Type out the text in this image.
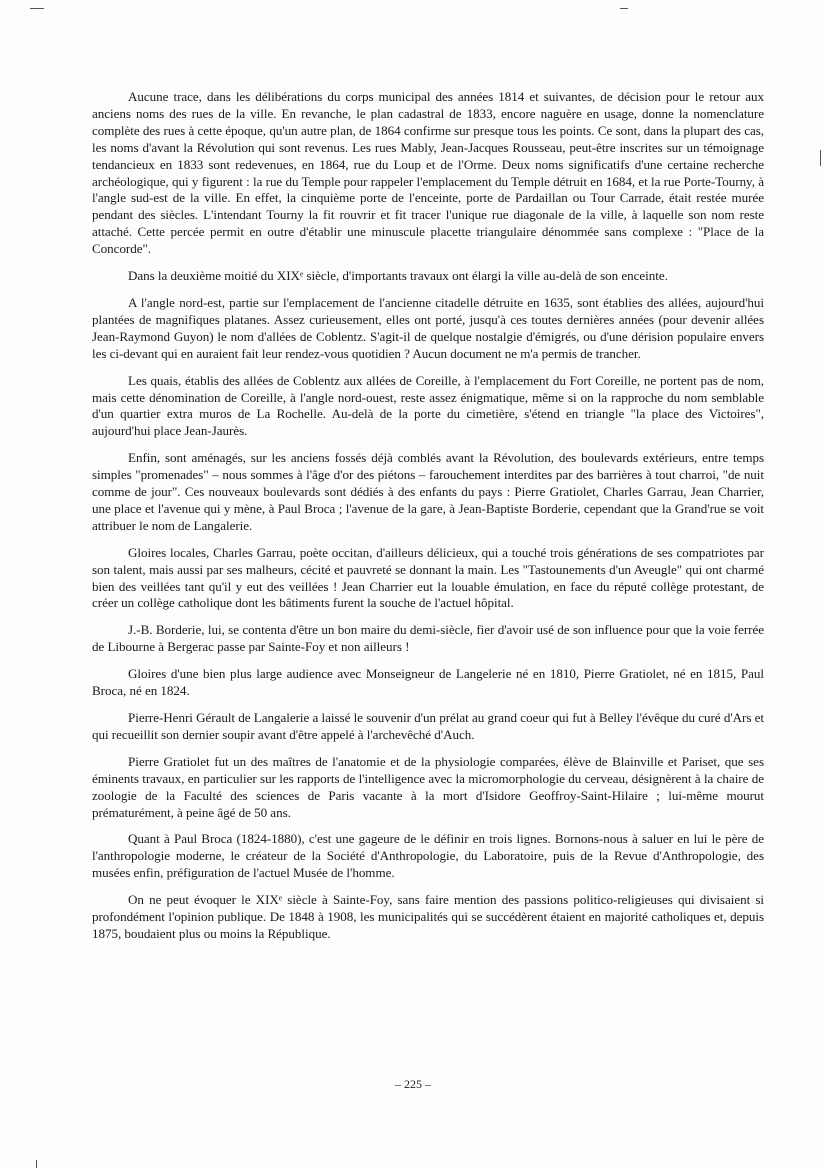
Aucune trace, dans les délibérations du corps municipal des années 1814 et suivantes, de décision pour le retour aux anciens noms des rues de la ville. En revanche, le plan cadastral de 1833, encore naguère en usage, donne la nomenclature complète des rues à cette époque, qu'un autre plan, de 1864 confirme sur presque tous les points. Ce sont, dans la plupart des cas, les noms d'avant la Révolution qui sont revenus. Les rues Mably, Jean-Jacques Rousseau, peut-être inscrites sur un témoignage tendancieux en 1833 sont redevenues, en 1864, rue du Loup et de l'Orme. Deux noms significatifs d'une certaine recherche archéologique, qui y figurent : la rue du Temple pour rappeler l'emplacement du Temple détruit en 1684, et la rue Porte-Tourny, à l'angle sud-est de la ville. En effet, la cinquième porte de l'enceinte, porte de Pardaillan ou Tour Carrade, était restée murée pendant des siècles. L'intendant Tourny la fit rouvrir et fit tracer l'unique rue diagonale de la ville, à laquelle son nom reste attaché. Cette percée permit en outre d'établir une minuscule placette triangulaire dénommée sans complexe : "Place de la Concorde".

Dans la deuxième moitié du XIXᵉ siècle, d'importants travaux ont élargi la ville au-delà de son enceinte.

A l'angle nord-est, partie sur l'emplacement de l'ancienne citadelle détruite en 1635, sont établies des allées, aujourd'hui plantées de magnifiques platanes. Assez curieusement, elles ont porté, jusqu'à ces toutes dernières années (pour devenir allées Jean-Raymond Guyon) le nom d'allées de Coblentz. S'agit-il de quelque nostalgie d'émigrés, ou d'une dérision populaire envers les ci-devant qui en auraient fait leur rendez-vous quotidien ? Aucun document ne m'a permis de trancher.

Les quais, établis des allées de Coblentz aux allées de Coreille, à l'emplacement du Fort Coreille, ne portent pas de nom, mais cette dénomination de Coreille, à l'angle nord-ouest, reste assez énigmatique, même si on la rapproche du nom semblable d'un quartier extra muros de La Rochelle. Au-delà de la porte du cimetière, s'étend en triangle "la place des Victoires", aujourd'hui place Jean-Jaurès.

Enfin, sont aménagés, sur les anciens fossés déjà comblés avant la Révolution, des boulevards extérieurs, entre temps simples "promenades" – nous sommes à l'âge d'or des piétons – farouchement interdites par des barrières à tout charroi, "de nuit comme de jour". Ces nouveaux boulevards sont dédiés à des enfants du pays : Pierre Gratiolet, Charles Garrau, Jean Charrier, une place et l'avenue qui y mène, à Paul Broca ; l'avenue de la gare, à Jean-Baptiste Borderie, cependant que la Grand'rue se voit attribuer le nom de Langalerie.

Gloires locales, Charles Garrau, poète occitan, d'ailleurs délicieux, qui a touché trois générations de ses compatriotes par son talent, mais aussi par ses malheurs, cécité et pauvreté se donnant la main. Les "Tastounements d'un Aveugle" qui ont charmé bien des veillées tant qu'il y eut des veillées ! Jean Charrier eut la louable émulation, en face du réputé collège protestant, de créer un collège catholique dont les bâtiments furent la souche de l'actuel hôpital.

J.-B. Borderie, lui, se contenta d'être un bon maire du demi-siècle, fier d'avoir usé de son influence pour que la voie ferrée de Libourne à Bergerac passe par Sainte-Foy et non ailleurs !

Gloires d'une bien plus large audience avec Monseigneur de Langelerie né en 1810, Pierre Gratiolet, né en 1815, Paul Broca, né en 1824.

Pierre-Henri Gérault de Langalerie a laissé le souvenir d'un prélat au grand coeur qui fut à Belley l'évêque du curé d'Ars et qui recueillit son dernier soupir avant d'être appelé à l'archevêché d'Auch.

Pierre Gratiolet fut un des maîtres de l'anatomie et de la physiologie comparées, élève de Blainville et Pariset, que ses éminents travaux, en particulier sur les rapports de l'intelligence avec la micromorphologie du cerveau, désignèrent à la chaire de zoologie de la Faculté des sciences de Paris vacante à la mort d'Isidore Geoffroy-Saint-Hilaire ; lui-même mourut prématurément, à peine âgé de 50 ans.

Quant à Paul Broca (1824-1880), c'est une gageure de le définir en trois lignes. Bornons-nous à saluer en lui le père de l'anthropologie moderne, le créateur de la Société d'Anthropologie, du Laboratoire, puis de la Revue d'Anthropologie, des musées enfin, préfiguration de l'actuel Musée de l'homme.

On ne peut évoquer le XIXᵉ siècle à Sainte-Foy, sans faire mention des passions politico-religieuses qui divisaient si profondément l'opinion publique. De 1848 à 1908, les municipalités qui se succédèrent étaient en majorité catholiques et, depuis 1875, boudaient plus ou moins la République.

– 225 –
